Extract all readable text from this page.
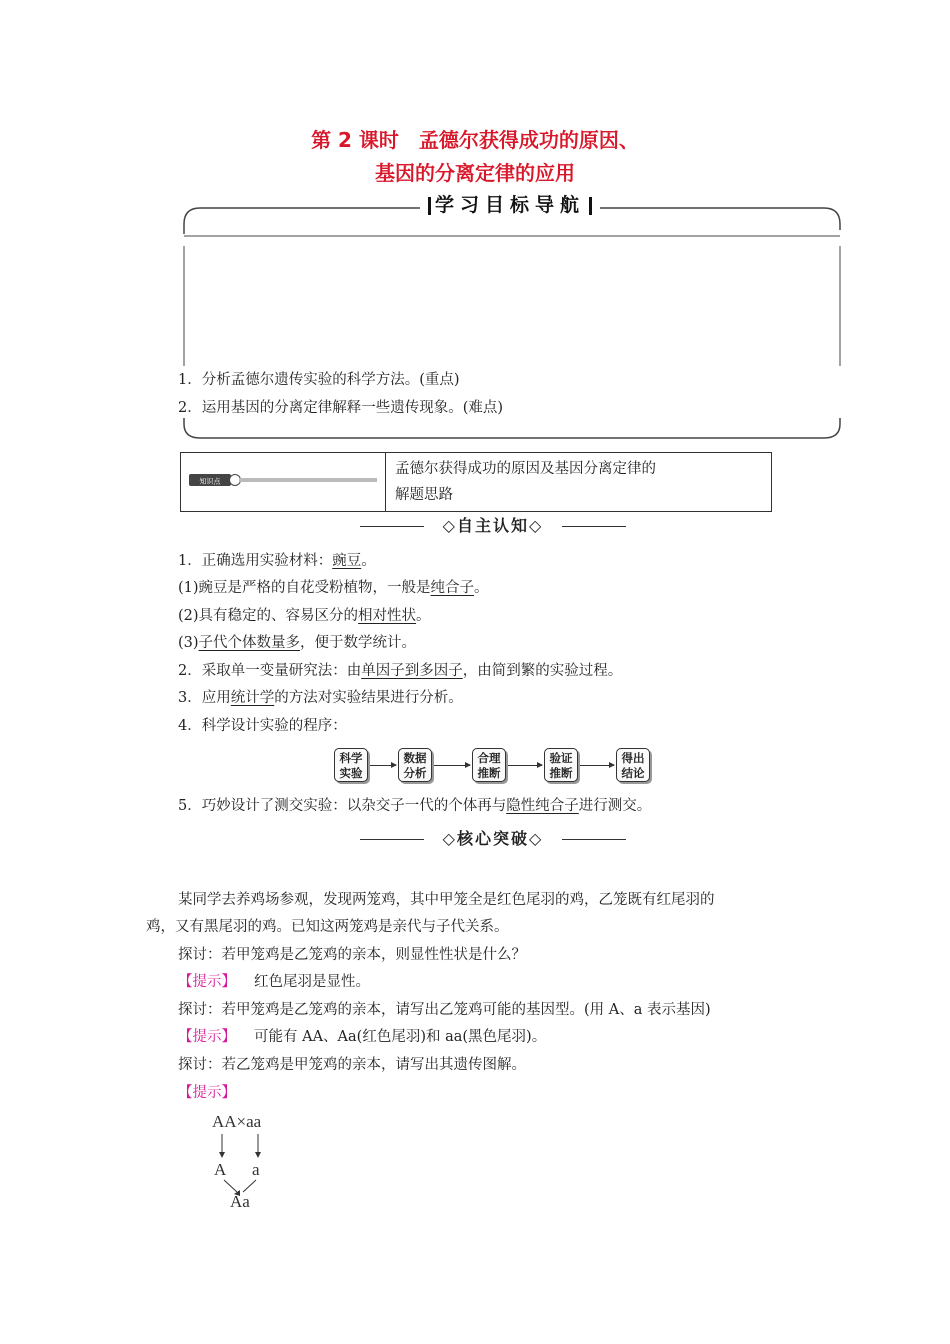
第 2 课时　孟德尔获得成功的原因、
基因的分离定律的应用
学习目标导航
1．分析孟德尔遗传实验的科学方法。(重点)
2．运用基因的分离定律解释一些遗传现象。(难点)
知识点
孟德尔获得成功的原因及基因分离定律的
解题思路
◇自主认知◇
1．正确选用实验材料：豌豆。
(1)豌豆是严格的自花受粉植物，一般是纯合子。
(2)具有稳定的、容易区分的相对性状。
(3)子代个体数量多，便于数学统计。
2．采取单一变量研究法：由单因子到多因子，由简到繁的实验过程。
3．应用统计学的方法对实验结果进行分析。
4．科学设计实验的程序：
科学
实验
数据
分析
合理
推断
验证
推断
得出
结论
5．巧妙设计了测交实验：以杂交子一代的个体再与隐性纯合子进行测交。
◇核心突破◇
某同学去养鸡场参观，发现两笼鸡，其中甲笼全是红色尾羽的鸡，乙笼既有红尾羽的
鸡，又有黑尾羽的鸡。已知这两笼鸡是亲代与子代关系。
探讨：若甲笼鸡是乙笼鸡的亲本，则显性性状是什么？
【提示】 红色尾羽是显性。
探讨：若甲笼鸡是乙笼鸡的亲本，请写出乙笼鸡可能的基因型。(用 A、a 表示基因)
【提示】 可能有 AA、Aa(红色尾羽)和 aa(黑色尾羽)。
探讨：若乙笼鸡是甲笼鸡的亲本，请写出其遗传图解。
【提示】
AA×aa
A a
Aa
